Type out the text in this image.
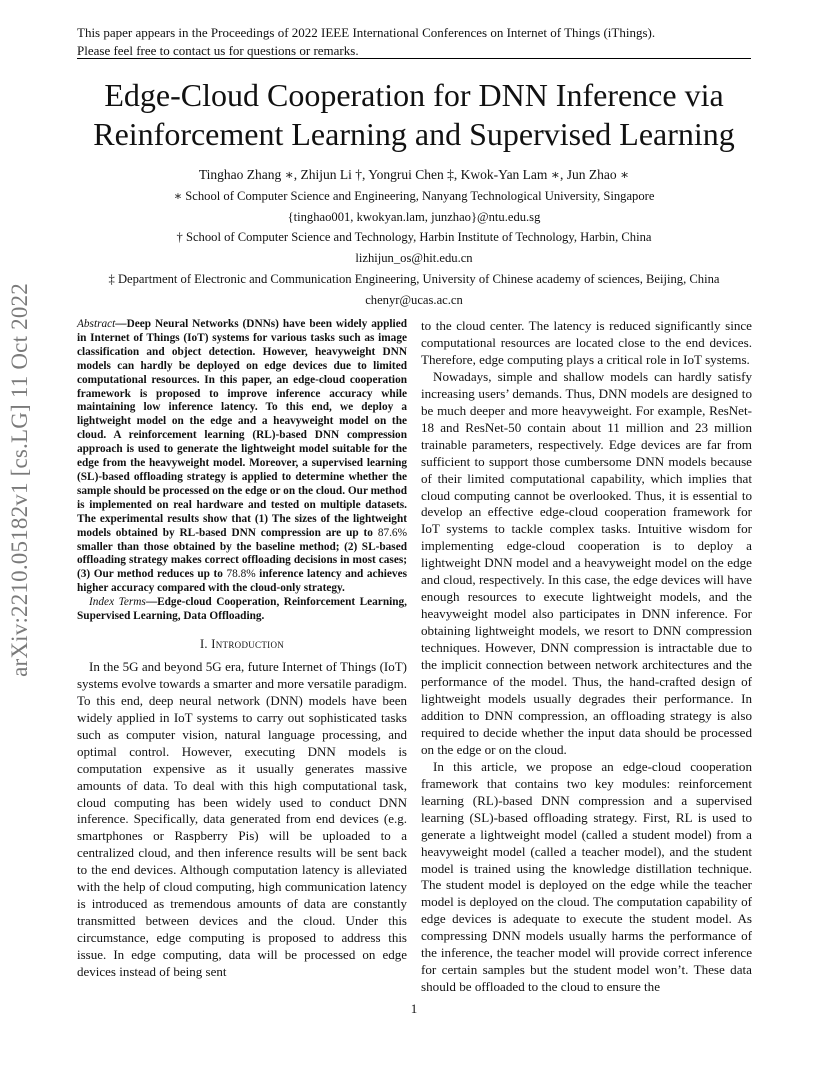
This paper appears in the Proceedings of 2022 IEEE International Conferences on Internet of Things (iThings).
Please feel free to contact us for questions or remarks.
Edge-Cloud Cooperation for DNN Inference via
Reinforcement Learning and Supervised Learning
Tinghao Zhang ∗, Zhijun Li †, Yongrui Chen ‡, Kwok-Yan Lam ∗, Jun Zhao ∗
∗ School of Computer Science and Engineering, Nanyang Technological University, Singapore
{tinghao001, kwokyan.lam, junzhao}@ntu.edu.sg
† School of Computer Science and Technology, Harbin Institute of Technology, Harbin, China
lizhijun_os@hit.edu.cn
‡ Department of Electronic and Communication Engineering, University of Chinese academy of sciences, Beijing, China
chenyr@ucas.ac.cn
arXiv:2210.05182v1 [cs.LG] 11 Oct 2022	Abstract—Deep Neural Networks (DNNs) have been widely applied in Internet of Things (IoT) systems for various tasks such as image classification and object detection. However, heavyweight DNN models can hardly be deployed on edge devices due to limited computational resources. In this paper, an edge-cloud cooperation framework is proposed to improve inference accuracy while maintaining low inference latency. To this end, we deploy a lightweight model on the edge and a heavyweight model on the cloud. A reinforcement learning (RL)-based DNN compression approach is used to generate the lightweight model suitable for the edge from the heavyweight model. Moreover, a supervised learning (SL)-based offloading strategy is applied to determine whether the sample should be processed on the edge or on the cloud. Our method is implemented on real hardware and tested on multiple datasets. The experimental results show that (1) The sizes of the lightweight models obtained by RL-based DNN compression are up to 87.6% smaller than those obtained by the baseline method; (2) SL-based offloading strategy makes correct offloading decisions in most cases; (3) Our method reduces up to 78.8% inference latency and achieves higher accuracy compared with the cloud-only strategy.

Index Terms—Edge-cloud Cooperation, Reinforcement Learning, Supervised Learning, Data Offloading.

I. Introduction

In the 5G and beyond 5G era, future Internet of Things (IoT) systems evolve towards a smarter and more versatile paradigm. To this end, deep neural network (DNN) models have been widely applied in IoT systems to carry out sophisticated tasks such as computer vision, natural language processing, and optimal control. However, executing DNN models is computation expensive as it usually generates massive amounts of data. To deal with this high computational task, cloud computing has been widely used to conduct DNN inference. Specifically, data generated from end devices (e.g. smartphones or Raspberry Pis) will be uploaded to a centralized cloud, and then inference results will be sent back to the end devices. Although computation latency is alleviated with the help of cloud computing, high communication latency is introduced as tremendous amounts of data are constantly transmitted between devices and the cloud. Under this circumstance, edge computing is proposed to address this issue. In edge computing, data will be processed on edge devices instead of being sent

to the cloud center. The latency is reduced significantly since computational resources are located close to the end devices. Therefore, edge computing plays a critical role in IoT systems.

Nowadays, simple and shallow models can hardly satisfy increasing users’ demands. Thus, DNN models are designed to be much deeper and more heavyweight. For example, ResNet-18 and ResNet-50 contain about 11 million and 23 million trainable parameters, respectively. Edge devices are far from sufficient to support those cumbersome DNN models because of their limited computational capability, which implies that cloud computing cannot be overlooked. Thus, it is essential to develop an effective edge-cloud cooperation framework for IoT systems to tackle complex tasks. Intuitive wisdom for implementing edge-cloud cooperation is to deploy a lightweight DNN model and a heavyweight model on the edge and cloud, respectively. In this case, the edge devices will have enough resources to execute lightweight models, and the heavyweight model also participates in DNN inference. For obtaining lightweight models, we resort to DNN compression techniques. However, DNN compression is intractable due to the implicit connection between network architectures and the performance of the model. Thus, the hand-crafted design of lightweight models usually degrades their performance. In addition to DNN compression, an offloading strategy is also required to decide whether the input data should be processed on the edge or on the cloud.

In this article, we propose an edge-cloud cooperation framework that contains two key modules: reinforcement learning (RL)-based DNN compression and a supervised learning (SL)-based offloading strategy. First, RL is used to generate a lightweight model (called a student model) from a heavyweight model (called a teacher model), and the student model is trained using the knowledge distillation technique. The student model is deployed on the edge while the teacher model is deployed on the cloud. The computation capability of edge devices is adequate to execute the student model. As compressing DNN models usually harms the performance of the inference, the teacher model will provide correct inference for certain samples but the student model won’t. These data should be offloaded to the cloud to ensure the

1
